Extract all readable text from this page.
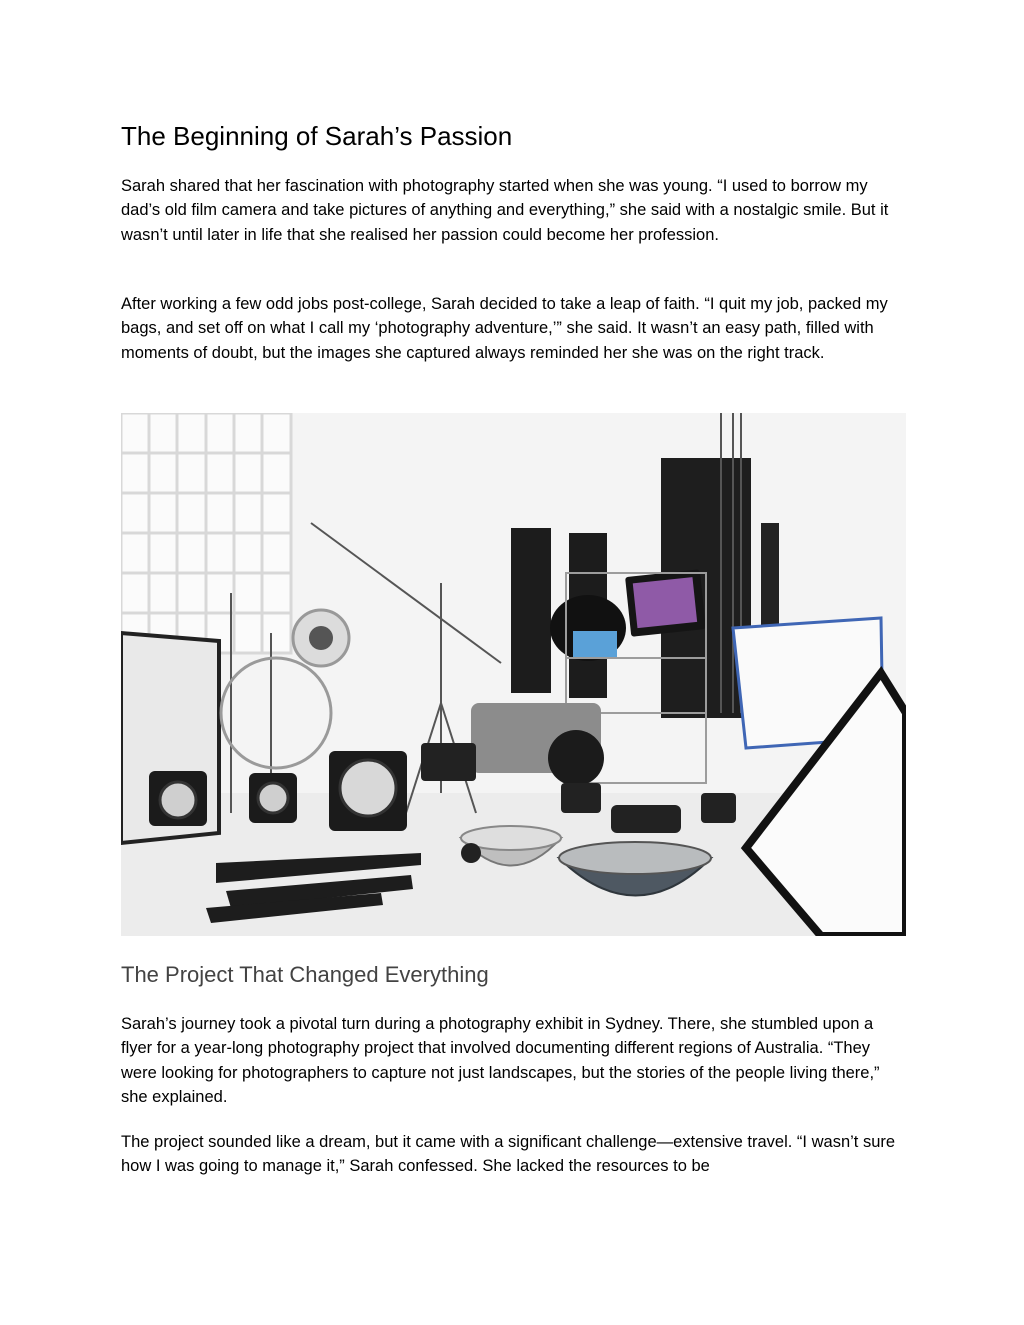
The Beginning of Sarah’s Passion

Sarah shared that her fascination with photography started when she was young. “I used to borrow my dad’s old film camera and take pictures of anything and everything,” she said with a nostalgic smile. But it wasn’t until later in life that she realised her passion could become her profession.

After working a few odd jobs post-college, Sarah decided to take a leap of faith. “I quit my job, packed my bags, and set off on what I call my ‘photography adventure,’” she said. It wasn’t an easy path, filled with moments of doubt, but the images she captured always reminded her she was on the right track.

The Project That Changed Everything

Sarah’s journey took a pivotal turn during a photography exhibit in Sydney. There, she stumbled upon a flyer for a year-long photography project that involved documenting different regions of Australia. “They were looking for photographers to capture not just landscapes, but the stories of the people living there,” she explained.

The project sounded like a dream, but it came with a significant challenge—extensive travel. “I wasn’t sure how I was going to manage it,” Sarah confessed. She lacked the resources to be
